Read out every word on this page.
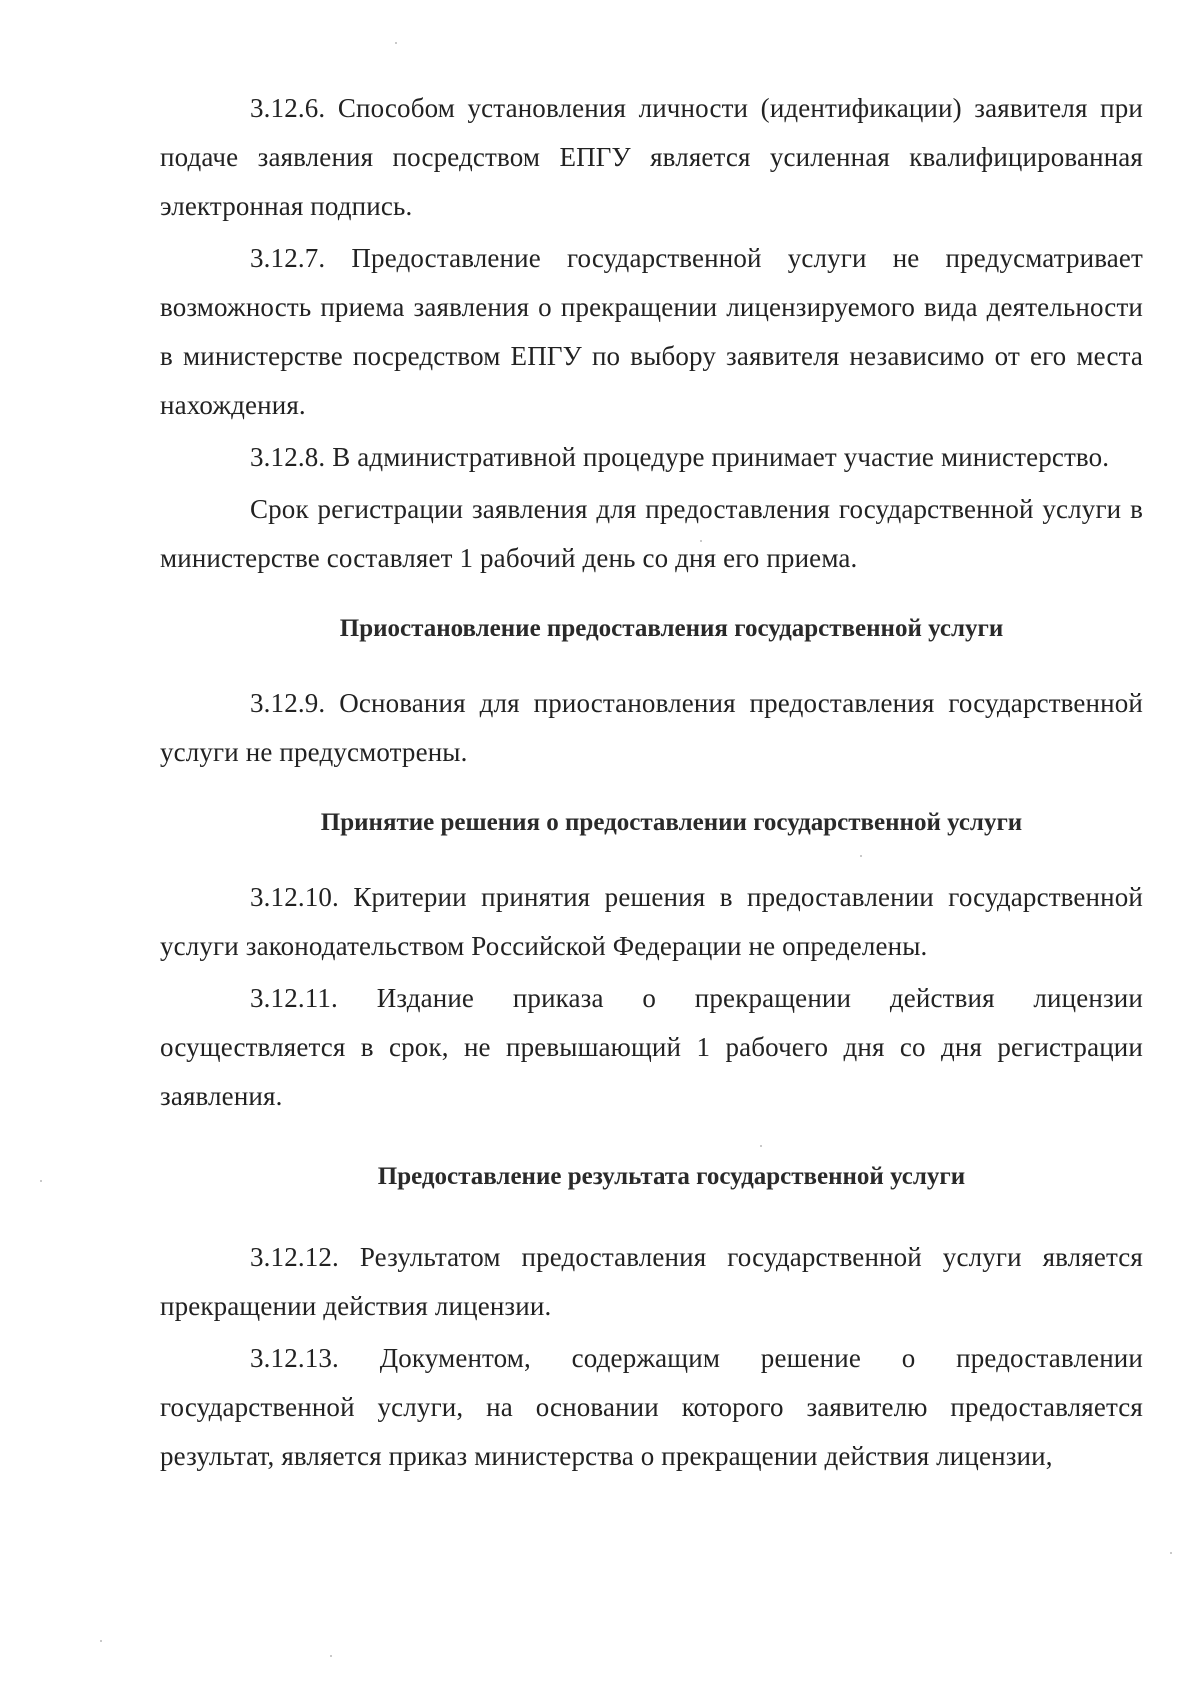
3.12.6. Способом установления личности (идентификации) заявителя при подаче заявления посредством ЕПГУ является усиленная квалифицированная электронная подпись.

3.12.7. Предоставление государственной услуги не предусматривает возможность приема заявления о прекращении лицензируемого вида деятельности в министерстве посредством ЕПГУ по выбору заявителя независимо от его места нахождения.

3.12.8. В административной процедуре принимает участие министерство.

Срок регистрации заявления для предоставления государственной услуги в министерстве составляет 1 рабочий день со дня его приема.

Приостановление предоставления государственной услуги

3.12.9. Основания для приостановления предоставления государственной услуги не предусмотрены.

Принятие решения о предоставлении государственной услуги

3.12.10. Критерии принятия решения в предоставлении государственной услуги законодательством Российской Федерации не определены.

3.12.11. Издание приказа о прекращении действия лицензии осуществляется в срок, не превышающий 1 рабочего дня со дня регистрации заявления.

Предоставление результата государственной услуги

3.12.12. Результатом предоставления государственной услуги является прекращении действия лицензии.

3.12.13. Документом, содержащим решение о предоставлении государственной услуги, на основании которого заявителю предоставляется результат, является приказ министерства о прекращении действия лицензии,
